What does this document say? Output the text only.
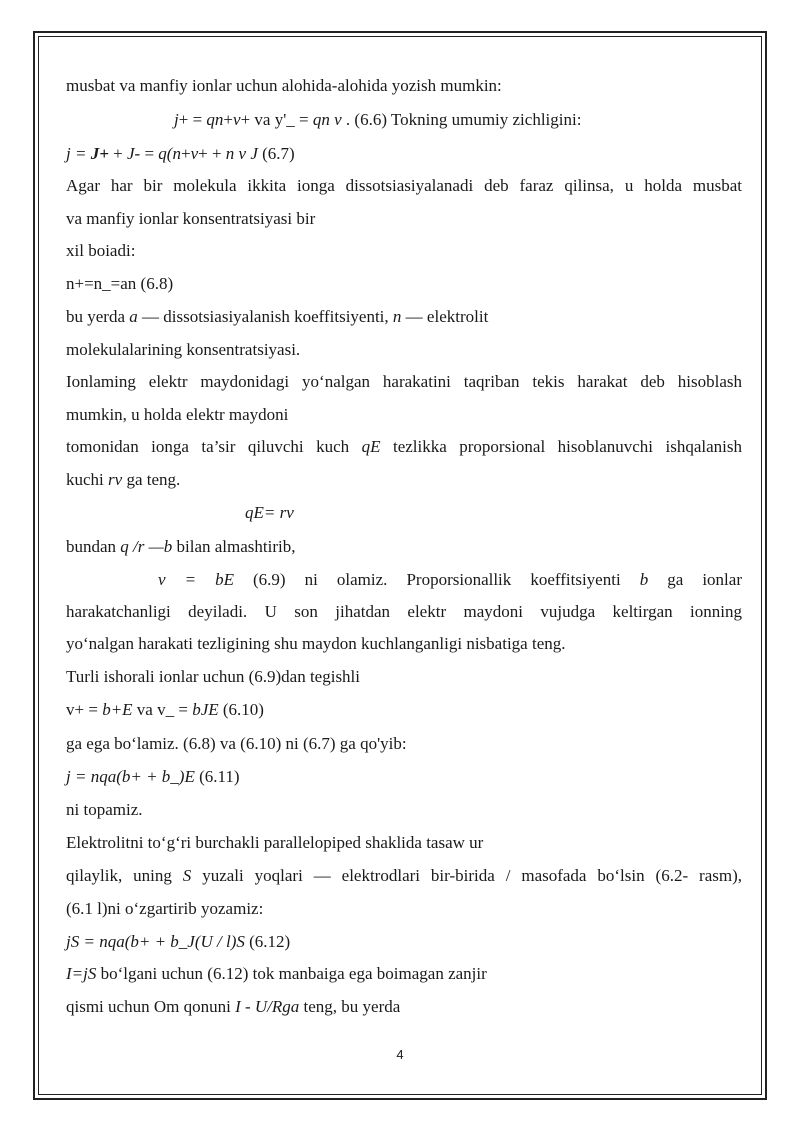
musbat va manfiy ionlar uchun alohida-alohida yozish mumkin:
j+ = qn+v+ va y'_ = qn v . (6.6) Tokning umumiy zichligini:
j = J+ + J- = q(n+v+ + n v J (6.7)
Agar har bir molekula ikkita ionga dissotsiasiyalanadi deb faraz qilinsa, u holda musbat
va manfiy ionlar konsentratsiyasi bir
xil boiadi:
n+=n_=an (6.8)
bu yerda a — dissotsiasiyalanish koeffitsiyenti, n — elektrolit
molekulalarining konsentratsiyasi.
Ionlaming elektr maydonidagi yo‘nalgan harakatini taqriban tekis harakat deb hisoblash
mumkin, u holda elektr maydoni
tomonidan ionga ta’sir qiluvchi kuch qE tezlikka proporsional hisoblanuvchi ishqalanish
kuchi rv ga teng.
qE= rv
bundan q /r —b bilan almashtirib,
v = bE (6.9) ni olamiz. Proporsionallik koeffitsiyenti b ga ionlar
harakatchanligi deyiladi. U son jihatdan elektr maydoni vujudga keltirgan ionning
yo‘nalgan harakati tezligining shu maydon kuchlanganligi nisbatiga teng.
Turli ishorali ionlar uchun (6.9)dan tegishli
v+ = b+E va v_ = bJE (6.10)
ga ega bo‘lamiz. (6.8) va (6.10) ni (6.7) ga qo'yib:
j = nqa(b+ + b_)E (6.11)
ni topamiz.
Elektrolitni to‘g‘ri burchakli parallelopiped shaklida tasaw ur
qilaylik, uning S yuzali yoqlari — elektrodlari bir-birida / masofada bo‘lsin (6.2- rasm),
(6.1 l)ni o‘zgartirib yozamiz:
jS = nqa(b+ + b_J(U / l)S (6.12)
I=jS bo‘lgani uchun (6.12) tok manbaiga ega boimagan zanjir
qismi uchun Om qonuni I - U/Rga teng, bu yerda
4
